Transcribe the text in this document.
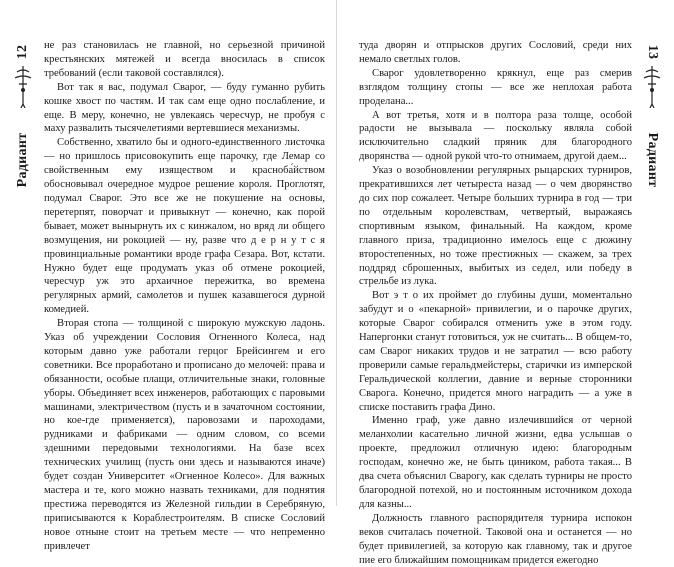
12
Радиант

не раз становилась не главной, но серьезной причиной крестьянских мятежей и всегда вносилась в список требований (если таковой составлялся).

Вот так я вас, подумал Сварог, — буду гуманно рубить кошке хвост по частям. И так сам еще одно послабление, и еще. В меру, конечно, не увлекаясь чересчур, не пробуя с маху развалить тысячелетиями вертевшиеся механизмы.

Собственно, хватило бы и одного-единственного листочка — но пришлось присовокупить еще парочку, где Лемар со свойственным ему изяществом и красноба́йством обосновывал очередное мудрое решение короля. Проглотят, подумал Сварог. Это все же не покушение на основы, перетерпят, поворчат и привыкнут — конечно, как порой бывает, может вынырнуть их с кинжалом, но вряд ли общего возмущения, ни рокоцией — ну, разве что д е р н у т с я провинциальные романтики вроде графа Сезара. Вот, кстати. Нужно будет еще продумать указ об отмене рокоцией, чересчур уж это архаичное пережитка, во времена регулярных армий, самолетов и пушек казавшегося дурной комедией.

Вторая стопа — толщиной с широкую мужскую ладонь. Указ об учреждении Сословия Огненного Колеса, над которым давно уже работали герцог Брейсингем и его советники. Все проработано и прописано до мелочей: права и обязанности, особые плащи, отличительные знаки, головные уборы. Объединяет всех инженеров, работающих с паровыми машинами, электричеством (пусть и в зачаточном состоянии, но кое-где применяется), паровозами и пароходами, рудниками и фабриками — одним словом, со всеми здешними передовыми технологиями. На базе всех технических училищ (пусть они здесь и называются иначе) будет создан Университет «Огненное Колесо». Для важных мастера и те, кого можно назвать техниками, для поднятия престижа переводятся из Железной гильдии в Серебряную, приписываются к Кораблестроителям. В списке Сословий новое отныне стоит на третьем месте — что непременно привлечет

туда дворян и отпрысков других Сословий, среди них немало светлых голов.

Сварог удовлетворенно крякнул, еще раз смерив взглядом толщину стопы — все же неплохая работа проделана...

А вот третья, хотя и в полтора раза толще, особой радости не вызывала — поскольку являла собой исключительно сладкий пряник для благородного дворянства — одной рукой что-то отнимаем, другой даем...

Указ о возобновлении регулярных рыцарских турниров, прекратившихся лет четыреста назад — о чем дворянство до сих пор сожалеет. Четыре больших турнира в год — три по отдельным королевствам, четвертый, выражаясь спортивным языком, финальный. На каждом, кроме главного приза, традиционно имелось еще с дюжину второстепенных, но тоже престижных — скажем, за трех поддряд сброшенных, выбитых из седел, или победу в стрельбе из лука.

Вот э т о их проймет до глубины души, моментально забудут и о «пекарной» привилегии, и о парочке других, которые Сварог собирался отменить уже в этом году. Напергонки станут готовиться, уж не считать... В общем-то, сам Сварог никаких трудов и не затратил — всю работу проверили самые геральдмейстеры, старички из имперской Геральдической коллегии, давние и верные сторонники Сварога. Конечно, придется много наградить — а уже в списке поставить графа Дино.

Именно граф, уже давно излечившийся от черной меланхолии касательно личной жизни, едва услышав о проекте, предложил отличную идею: благородным господам, конечно же, не быть циником, работа такая... В два счета объяснил Сварогу, как сделать турниры не просто благородной потехой, но и постоянным источником дохода для казны...

Должность главного распорядителя турнира испокон веков считалась почетной. Таковой она и останется — но будет привилегией, за которую как главному, так и другое пие его ближайшим помощникам придется ежегодно

13
Радиант
